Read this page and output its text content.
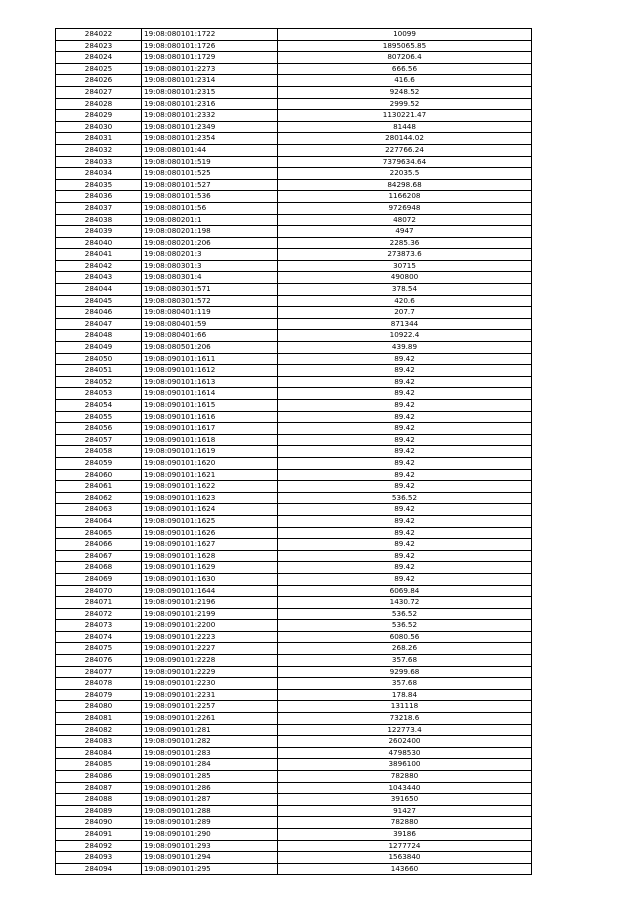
284022	19:08:080101:1722	10099
284023	19:08:080101:1726	1895065.85
284024	19:08:080101:1729	807206.4
284025	19:08:080101:2273	666.56
284026	19:08:080101:2314	416.6
284027	19:08:080101:2315	9248.52
284028	19:08:080101:2316	2999.52
284029	19:08:080101:2332	1130221.47
284030	19:08:080101:2349	81448
284031	19:08:080101:2354	280144.02
284032	19:08:080101:44	227766.24
284033	19:08:080101:519	7379634.64
284034	19:08:080101:525	22035.5
284035	19:08:080101:527	84298.68
284036	19:08:080101:536	1166208
284037	19:08:080101:56	9726948
284038	19:08:080201:1	48072
284039	19:08:080201:198	4947
284040	19:08:080201:206	2285.36
284041	19:08:080201:3	273873.6
284042	19:08:080301:3	30715
284043	19:08:080301:4	490800
284044	19:08:080301:571	378.54
284045	19:08:080301:572	420.6
284046	19:08:080401:119	207.7
284047	19:08:080401:59	871344
284048	19:08:080401:66	10922.4
284049	19:08:080501:206	439.89
284050	19:08:090101:1611	89.42
284051	19:08:090101:1612	89.42
284052	19:08:090101:1613	89.42
284053	19:08:090101:1614	89.42
284054	19:08:090101:1615	89.42
284055	19:08:090101:1616	89.42
284056	19:08:090101:1617	89.42
284057	19:08:090101:1618	89.42
284058	19:08:090101:1619	89.42
284059	19:08:090101:1620	89.42
284060	19:08:090101:1621	89.42
284061	19:08:090101:1622	89.42
284062	19:08:090101:1623	536.52
284063	19:08:090101:1624	89.42
284064	19:08:090101:1625	89.42
284065	19:08:090101:1626	89.42
284066	19:08:090101:1627	89.42
284067	19:08:090101:1628	89.42
284068	19:08:090101:1629	89.42
284069	19:08:090101:1630	89.42
284070	19:08:090101:1644	6069.84
284071	19:08:090101:2196	1430.72
284072	19:08:090101:2199	536.52
284073	19:08:090101:2200	536.52
284074	19:08:090101:2223	6080.56
284075	19:08:090101:2227	268.26
284076	19:08:090101:2228	357.68
284077	19:08:090101:2229	9299.68
284078	19:08:090101:2230	357.68
284079	19:08:090101:2231	178.84
284080	19:08:090101:2257	131118
284081	19:08:090101:2261	73218.6
284082	19:08:090101:281	122773.4
284083	19:08:090101:282	2602400
284084	19:08:090101:283	4798530
284085	19:08:090101:284	3896100
284086	19:08:090101:285	782880
284087	19:08:090101:286	1043440
284088	19:08:090101:287	391650
284089	19:08:090101:288	91427
284090	19:08:090101:289	782880
284091	19:08:090101:290	39186
284092	19:08:090101:293	1277724
284093	19:08:090101:294	1563840
284094	19:08:090101:295	143660
